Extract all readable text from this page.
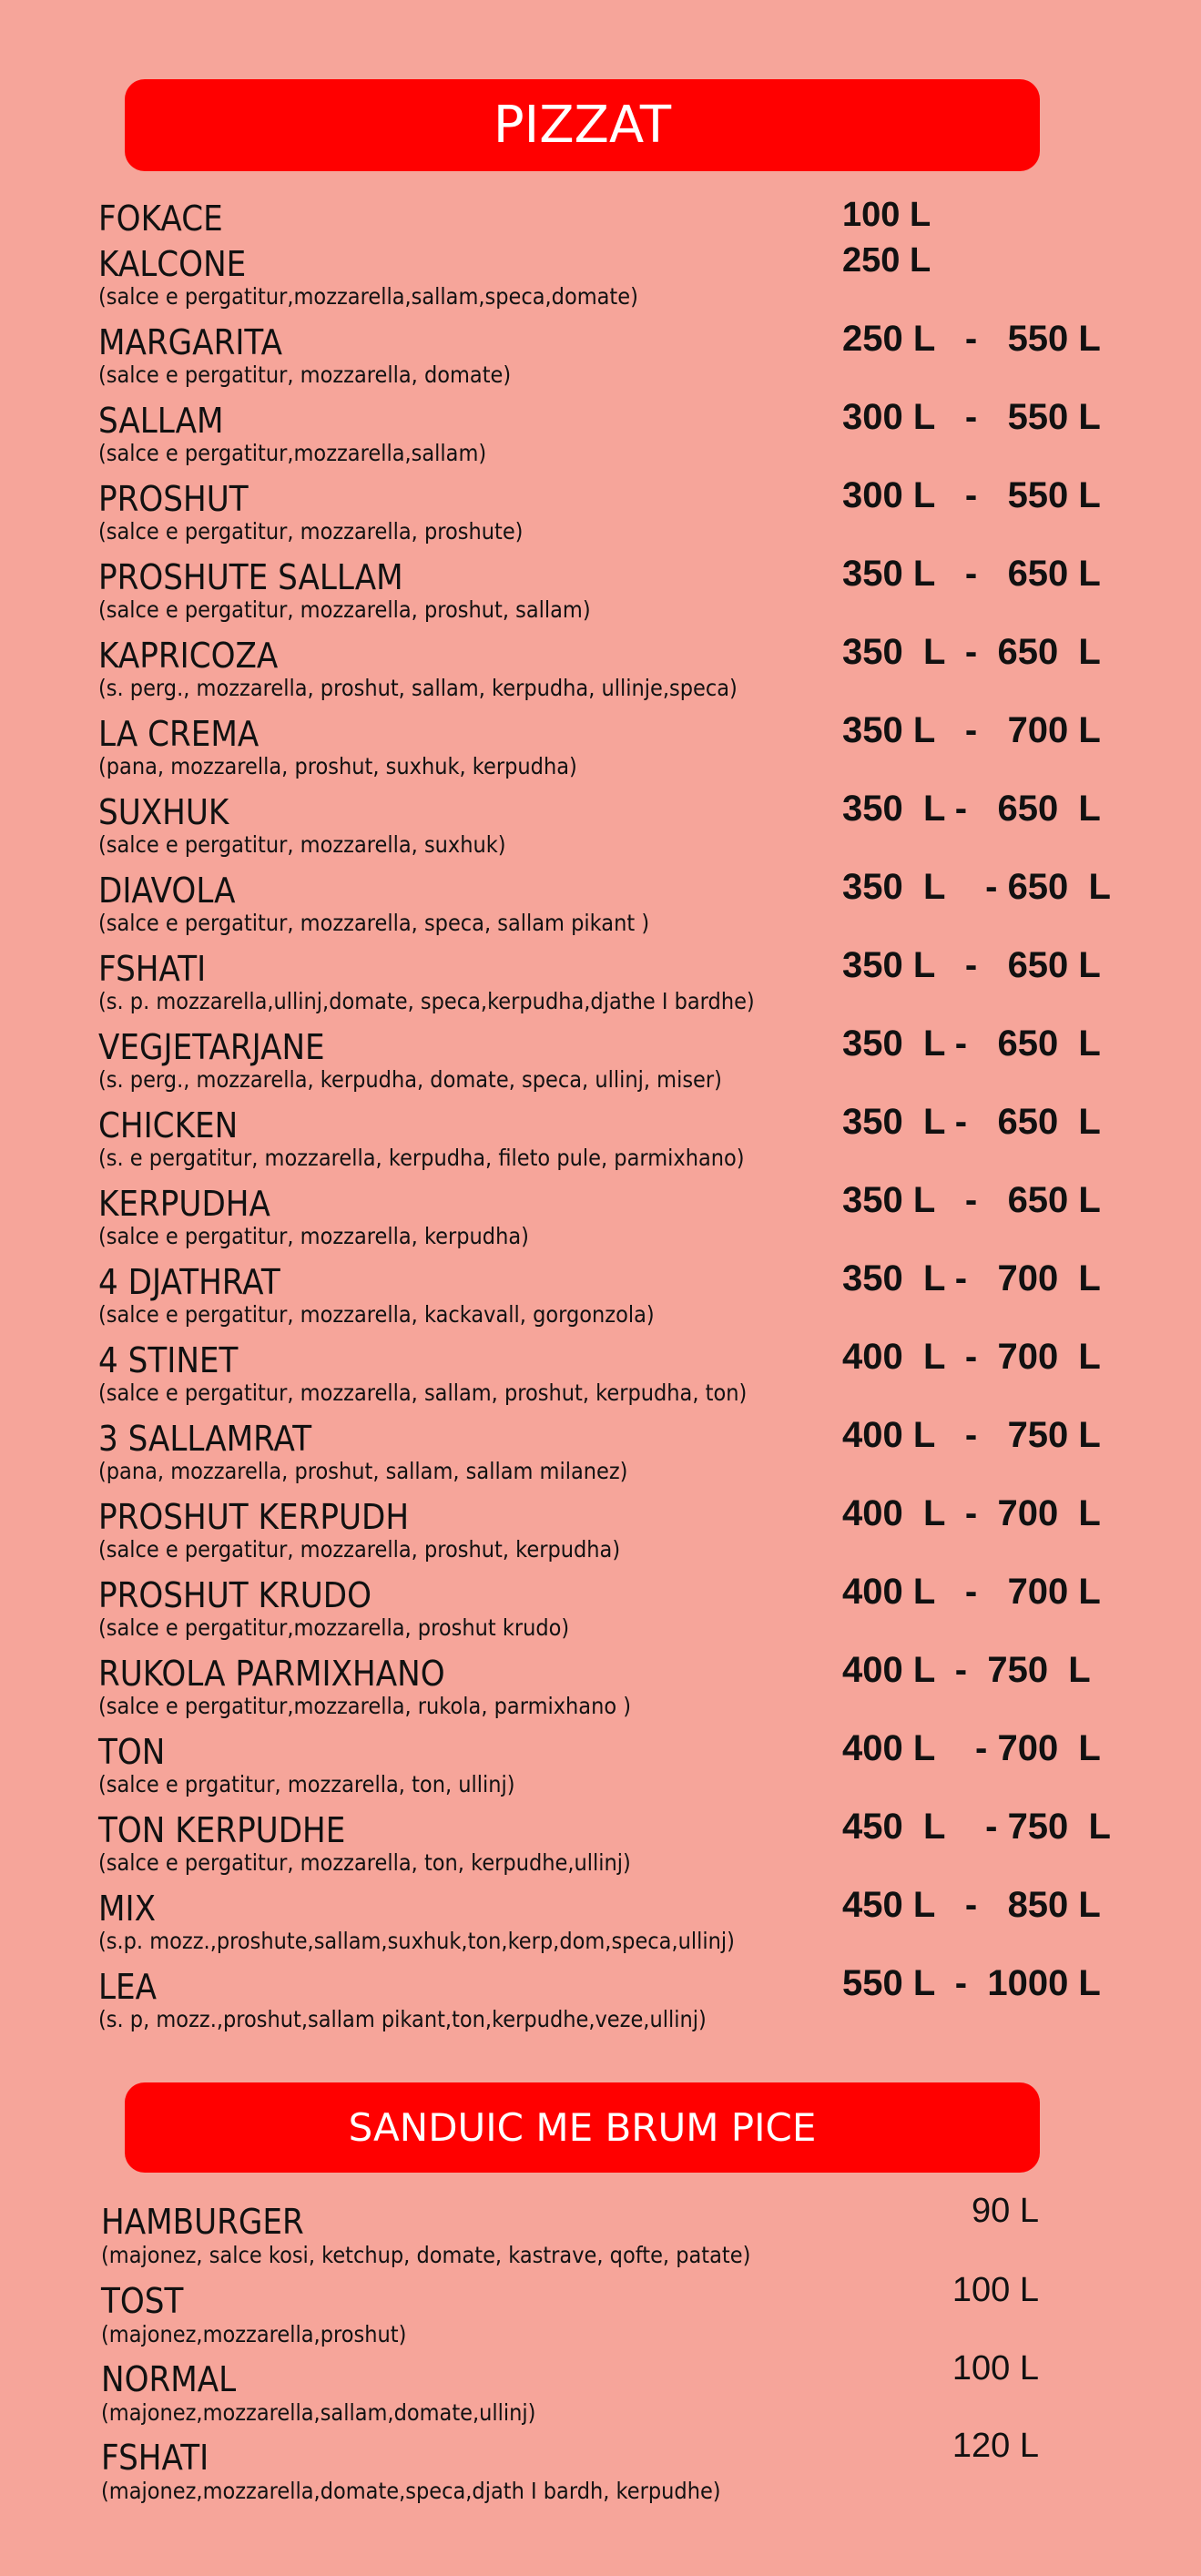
PIZZAT
FOKACE	100 L
KALCONE	250 L
(salce e pergatitur,mozzarella,sallam,speca,domate)
MARGARITA	250 L   -   550 L
(salce e pergatitur, mozzarella, domate)
SALLAM	300 L   -   550 L
(salce e pergatitur,mozzarella,sallam)
PROSHUT	300 L   -   550 L
(salce e pergatitur, mozzarella, proshute)
PROSHUTE SALLAM	350 L   -   650 L
(salce e pergatitur, mozzarella, proshut, sallam)
KAPRICOZA	350  L  -  650  L
(s. perg., mozzarella, proshut, sallam, kerpudha, ullinje,speca)
LA CREMA	350 L   -   700 L
(pana, mozzarella, proshut, suxhuk, kerpudha)
SUXHUK	350  L -   650  L
(salce e pergatitur, mozzarella, suxhuk)
DIAVOLA	350  L    - 650  L
(salce e pergatitur, mozzarella, speca, sallam pikant )
FSHATI	350 L   -   650 L
(s. p. mozzarella,ullinj,domate, speca,kerpudha,djathe I bardhe)
VEGJETARJANE	350  L -   650  L
(s. perg., mozzarella, kerpudha, domate, speca, ullinj, miser)
CHICKEN	350  L -   650  L
(s. e pergatitur, mozzarella, kerpudha, fileto pule, parmixhano)
KERPUDHA	350 L   -   650 L
(salce e pergatitur, mozzarella, kerpudha)
4 DJATHRAT	350  L -   700  L
(salce e pergatitur, mozzarella, kackavall, gorgonzola)
4 STINET	400  L  -  700  L
(salce e pergatitur, mozzarella, sallam, proshut, kerpudha, ton)
3 SALLAMRAT	400 L   -   750 L
(pana, mozzarella, proshut, sallam, sallam milanez)
PROSHUT KERPUDH	400  L  -  700  L
(salce e pergatitur, mozzarella, proshut, kerpudha)
PROSHUT KRUDO	400 L   -   700 L
(salce e pergatitur,mozzarella, proshut krudo)
RUKOLA PARMIXHANO	400 L  -  750  L
(salce e pergatitur,mozzarella, rukola, parmixhano )
TON	400 L    - 700  L
(salce e prgatitur, mozzarella, ton, ullinj)
TON KERPUDHE	450  L    - 750  L
(salce e pergatitur, mozzarella, ton, kerpudhe,ullinj)
MIX	450 L   -   850 L
(s.p. mozz.,proshute,sallam,suxhuk,ton,kerp,dom,speca,ullinj)
LEA	550 L  -  1000 L
(s. p, mozz.,proshut,sallam pikant,ton,kerpudhe,veze,ullinj)
SANDUIC ME BRUM PICE
HAMBURGER
(majonez, salce kosi, ketchup, domate, kastrave, qofte, patate)
90 L
TOST
(majonez,mozzarella,proshut)
100 L
NORMAL
(majonez,mozzarella,sallam,domate,ullinj)
100 L
FSHATI
(majonez,mozzarella,domate,speca,djath I bardh, kerpudhe)
120 L
